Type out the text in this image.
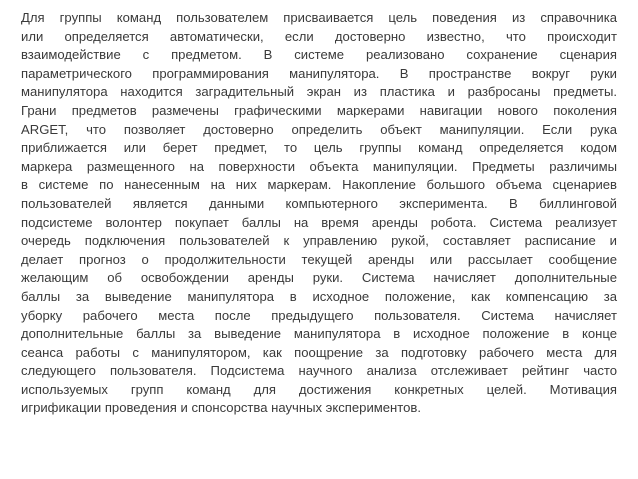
Для группы команд пользователем присваивается цель поведения из справочника
или определяется автоматически, если достоверно известно, что происходит
взаимодействие с предметом. В системе реализовано сохранение сценария
параметрического программирования манипулятора. В пространстве вокруг руки
манипулятора находится заградительный экран из пластика и разбросаны предметы.
Грани предметов размечены графическими маркерами навигации нового поколения
ARGET, что позволяет достоверно определить объект манипуляции. Если рука
приближается или берет предмет, то цель группы команд определяется кодом
маркера размещенного на поверхности объекта манипуляции. Предметы различимы
в системе по нанесенным на них маркерам. Накопление большого объема сценариев
пользователей является данными компьютерного эксперимента. В биллинговой
подсистеме волонтер покупает баллы на время аренды робота. Система реализует
очередь подключения пользователей к управлению рукой, составляет расписание и
делает прогноз о продолжительности текущей аренды или рассылает сообщение
желающим об освобождении аренды руки. Система начисляет дополнительные
баллы за выведение манипулятора в исходное положение, как компенсацию за
уборку рабочего места после предыдущего пользователя. Система начисляет
дополнительные баллы за выведение манипулятора в исходное положение в конце
сеанса работы с манипулятором, как поощрение за подготовку рабочего места для
следующего пользователя. Подсистема научного анализа отслеживает рейтинг часто
используемых групп команд для достижения конкретных целей. Мотивация
игрификации проведения и спонсорства научных экспериментов.
